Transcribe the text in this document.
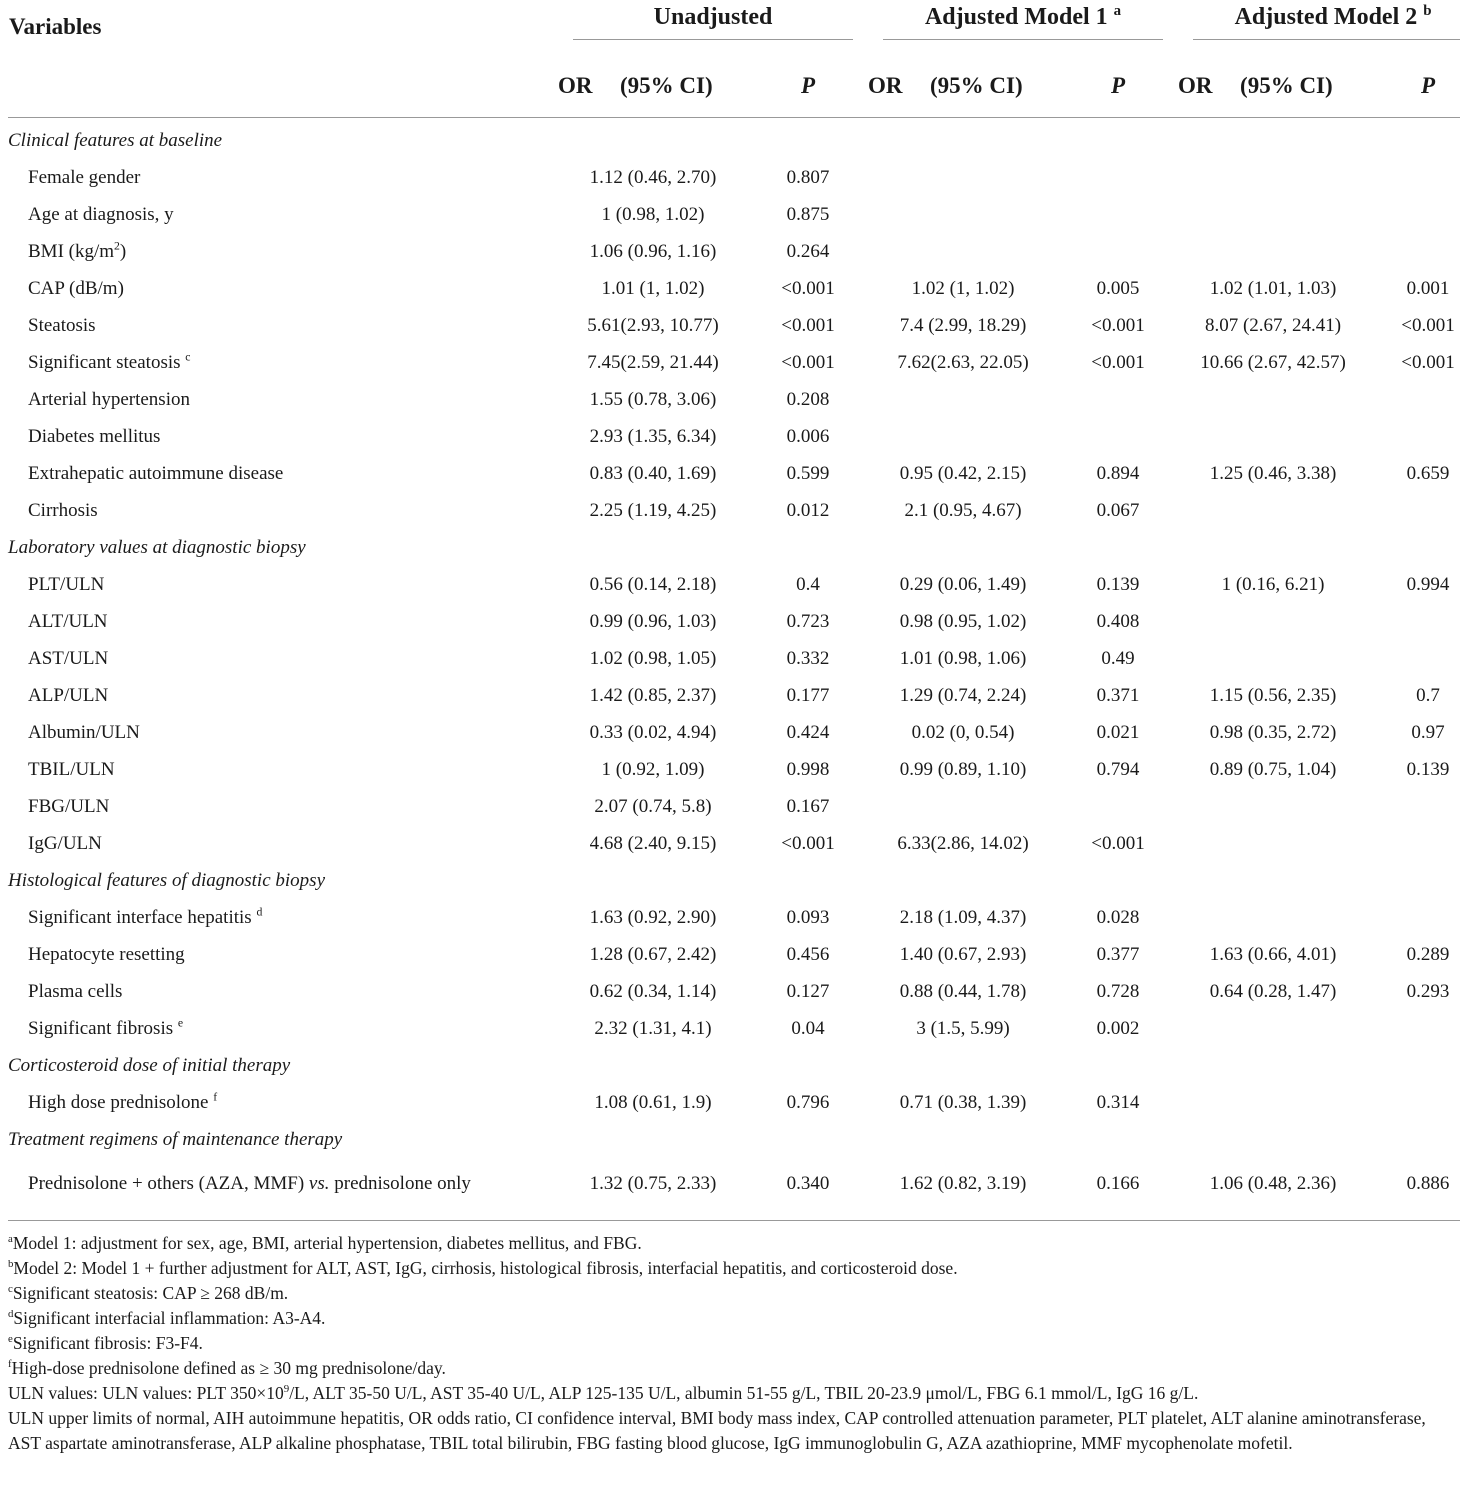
Variables	Unadjusted		Adjusted Model 1 $^a$		Adjusted Model 2 $^b$

	OR (95% CI)	P	OR (95% CI)	P	OR (95% CI)	P
Clinical features at baseline						
Female gender	1.12 (0.46, 2.70)	0.807				
Age at diagnosis, y	1 (0.98, 1.02)	0.875				
BMI $(kg/m^2)$	1.06 (0.96, 1.16)	0.264				
CAP (dB/m)	1.01 (1, 1.02)	<0.001	1.02 (1, 1.02)	0.005	1.02 (1.01, 1.03)	0.001
Steatosis	5.61(2.93, 10.77)	<0.001	7.4 (2.99, 18.29)	<0.001	8.07 (2.67, 24.41)	<0.001
Significant steatosis $^c$	7.45(2.59, 21.44)	<0.001	7.62(2.63, 22.05)	<0.001	10.66 (2.67, 42.57)	<0.001
Arterial hypertension	1.55 (0.78, 3.06)	0.208				
Diabetes mellitus	2.93 (1.35, 6.34)	0.006				
Extrahepatic autoimmune disease	0.83 (0.40, 1.69)	0.599	0.95 (0.42, 2.15)	0.894	1.25 (0.46, 3.38)	0.659
Cirrhosis	2.25 (1.19, 4.25)	0.012	2.1 (0.95, 4.67)	0.067		
Laboratory values at diagnostic biopsy						
PLT/ULN	0.56 (0.14, 2.18)	0.4	0.29 (0.06, 1.49)	0.139	1 (0.16, 6.21)	0.994
ALT/ULN	0.99 (0.96, 1.03)	0.723	0.98 (0.95, 1.02)	0.408		
AST/ULN	1.02 (0.98, 1.05)	0.332	1.01 (0.98, 1.06)	0.49		
ALP/ULN	1.42 (0.85, 2.37)	0.177	1.29 (0.74, 2.24)	0.371	1.15 (0.56, 2.35)	0.7
Albumin/ULN	0.33 (0.02, 4.94)	0.424	0.02 (0, 0.54)	0.021	0.98 (0.35, 2.72)	0.97
TBIL/ULN	1 (0.92, 1.09)	0.998	0.99 (0.89, 1.10)	0.794	0.89 (0.75, 1.04)	0.139
FBG/ULN	2.07 (0.74, 5.8)	0.167				
IgG/ULN	4.68 (2.40, 9.15)	<0.001	6.33(2.86, 14.02)	<0.001		
Histological features of diagnostic biopsy						
Significant interface hepatitis $^d$	1.63 (0.92, 2.90)	0.093	2.18 (1.09, 4.37)	0.028		
Hepatocyte resetting	1.28 (0.67, 2.42)	0.456	1.40 (0.67, 2.93)	0.377	1.63 (0.66, 4.01)	0.289
Plasma cells	0.62 (0.34, 1.14)	0.127	0.88 (0.44, 1.78)	0.728	0.64 (0.28, 1.47)	0.293
Significant fibrosis $^e$	2.32 (1.31, 4.1)	0.04	3 (1.5, 5.99)	0.002		
Corticosteroid dose of initial therapy						
High dose prednisolone $^f$	1.08 (0.61, 1.9)	0.796	0.71 (0.38, 1.39)	0.314		
Treatment regimens of maintenance therapy						
Prednisolone + others (AZA, MMF) vs. prednisolone only	1.32 (0.75, 2.33)	0.340	1.62 (0.82, 3.19)	0.166	1.06 (0.48, 2.36)	0.886

$^a$Model 1: adjustment for sex, age, BMI, arterial hypertension, diabetes mellitus, and FBG.

$^b$Model 2: Model 1 + further adjustment for ALT, AST, IgG, cirrhosis, histological fibrosis, interfacial hepatitis, and corticosteroid dose.

$^c$Significant steatosis: CAP ≥ 268 dB/m.

$^d$Significant interfacial inflammation: A3-A4.

$^e$Significant fibrosis: F3-F4.

$^f$High-dose prednisolone defined as ≥ 30 mg prednisolone/day.

ULN values: ULN values: PLT $350\times 10^9/L$, ALT 35-50 U/L, AST 35-40 U/L, ALP 125-135 U/L, albumin 51-55 g/L, TBIL 20-23.9 μmol/L, FBG 6.1 mmol/L, IgG 16 g/L.

ULN upper limits of normal, AIH autoimmune hepatitis, OR odds ratio, CI confidence interval, BMI body mass index, CAP controlled attenuation parameter, PLT platelet, ALT alanine aminotransferase, AST aspartate aminotransferase, ALP alkaline phosphatase, TBIL total bilirubin, FBG fasting blood glucose, IgG immunoglobulin G, AZA azathioprine, MMF mycophenolate mofetil.
